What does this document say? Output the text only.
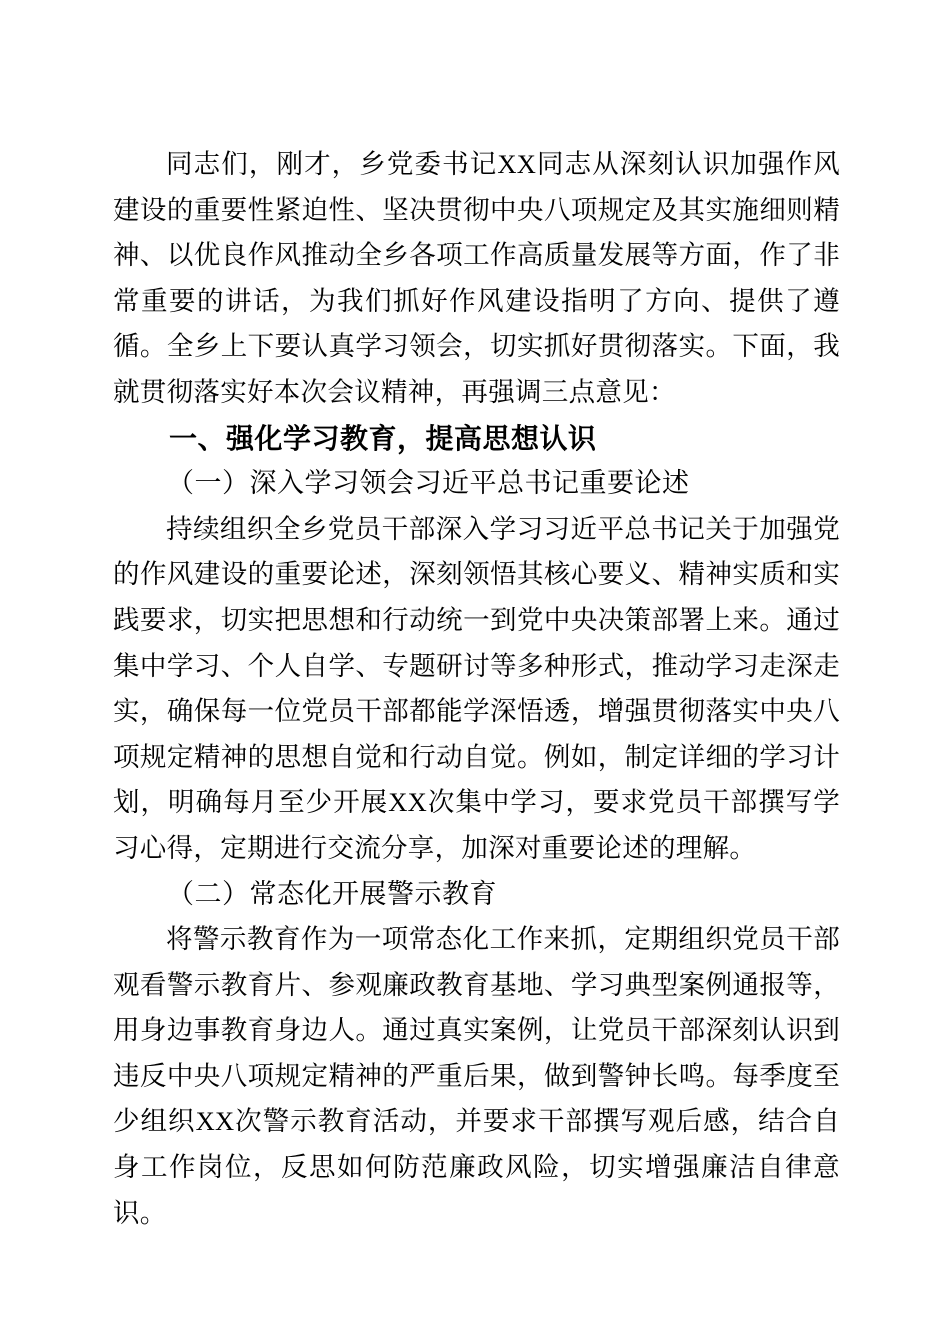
同志们，刚才，乡党委书记XX同志从深刻认识加强作风建设的重要性紧迫性、坚决贯彻中央八项规定及其实施细则精神、以优良作风推动全乡各项工作高质量发展等方面，作了非常重要的讲话，为我们抓好作风建设指明了方向、提供了遵循。全乡上下要认真学习领会，切实抓好贯彻落实。下面，我就贯彻落实好本次会议精神，再强调三点意见：

一、强化学习教育，提高思想认识

（一）深入学习领会习近平总书记重要论述

持续组织全乡党员干部深入学习习近平总书记关于加强党的作风建设的重要论述，深刻领悟其核心要义、精神实质和实践要求，切实把思想和行动统一到党中央决策部署上来。通过集中学习、个人自学、专题研讨等多种形式，推动学习走深走实，确保每一位党员干部都能学深悟透，增强贯彻落实中央八项规定精神的思想自觉和行动自觉。例如，制定详细的学习计划，明确每月至少开展XX次集中学习，要求党员干部撰写学习心得，定期进行交流分享，加深对重要论述的理解。

（二）常态化开展警示教育

将警示教育作为一项常态化工作来抓，定期组织党员干部观看警示教育片、参观廉政教育基地、学习典型案例通报等，用身边事教育身边人。通过真实案例，让党员干部深刻认识到违反中央八项规定精神的严重后果，做到警钟长鸣。每季度至少组织XX次警示教育活动，并要求干部撰写观后感，结合自身工作岗位，反思如何防范廉政风险，切实增强廉洁自律意识。
